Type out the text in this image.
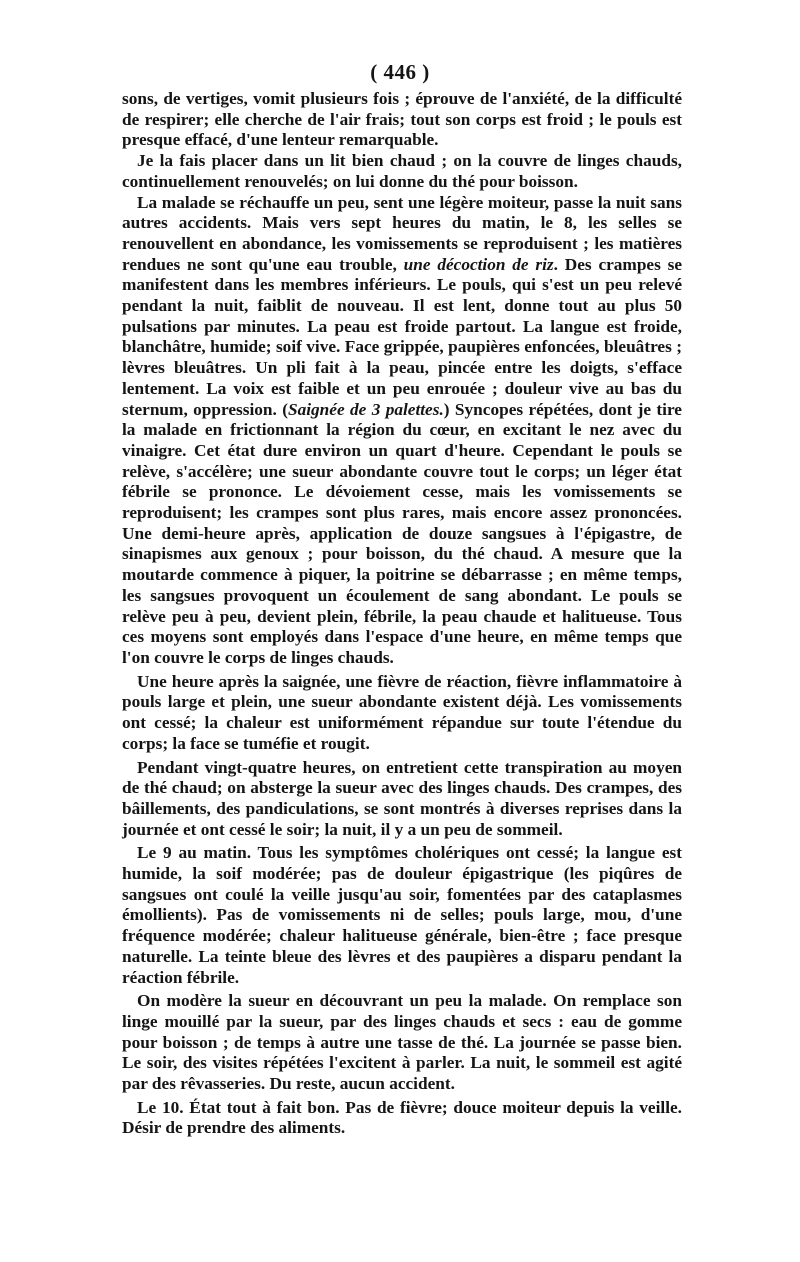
( 446 )

sons, de vertiges, vomit plusieurs fois ; éprouve de l'anxiété, de la difficulté de respirer; elle cherche de l'air frais; tout son corps est froid ; le pouls est presque effacé, d'une lenteur remarquable.

Je la fais placer dans un lit bien chaud ; on la couvre de linges chauds, continuellement renouvelés; on lui donne du thé pour boisson.

La malade se réchauffe un peu, sent une légère moiteur, passe la nuit sans autres accidents. Mais vers sept heures du matin, le 8, les selles se renouvellent en abondance, les vomissements se reproduisent ; les matières rendues ne sont qu'une eau trouble, une décoction de riz. Des crampes se manifestent dans les membres inférieurs. Le pouls, qui s'est un peu relevé pendant la nuit, faiblit de nouveau. Il est lent, donne tout au plus 50 pulsations par minutes. La peau est froide partout. La langue est froide, blanchâtre, humide; soif vive. Face grippée, paupières enfoncées, bleuâtres ; lèvres bleuâtres. Un pli fait à la peau, pincée entre les doigts, s'efface lentement. La voix est faible et un peu enrouée ; douleur vive au bas du sternum, oppression. (Saignée de 3 palettes.) Syncopes répétées, dont je tire la malade en frictionnant la région du cœur, en excitant le nez avec du vinaigre. Cet état dure environ un quart d'heure. Cependant le pouls se relève, s'accélère; une sueur abondante couvre tout le corps; un léger état fébrile se prononce. Le dévoiement cesse, mais les vomissements se reproduisent; les crampes sont plus rares, mais encore assez prononcées. Une demi-heure après, application de douze sangsues à l'épigastre, de sinapismes aux genoux ; pour boisson, du thé chaud. A mesure que la moutarde commence à piquer, la poitrine se débarrasse ; en même temps, les sangsues provoquent un écoulement de sang abondant. Le pouls se relève peu à peu, devient plein, fébrile, la peau chaude et halitueuse. Tous ces moyens sont employés dans l'espace d'une heure, en même temps que l'on couvre le corps de linges chauds.

Une heure après la saignée, une fièvre de réaction, fièvre inflammatoire à pouls large et plein, une sueur abondante existent déjà. Les vomissements ont cessé; la chaleur est uniformément répandue sur toute l'étendue du corps; la face se tuméfie et rougit.

Pendant vingt-quatre heures, on entretient cette transpiration au moyen de thé chaud; on absterge la sueur avec des linges chauds. Des crampes, des bâillements, des pandiculations, se sont montrés à diverses reprises dans la journée et ont cessé le soir; la nuit, il y a un peu de sommeil.

Le 9 au matin. Tous les symptômes cholériques ont cessé; la langue est humide, la soif modérée; pas de douleur épigastrique (les piqûres de sangsues ont coulé la veille jusqu'au soir, fomentées par des cataplasmes émollients). Pas de vomissements ni de selles; pouls large, mou, d'une fréquence modérée; chaleur halitueuse générale, bien-être ; face presque naturelle. La teinte bleue des lèvres et des paupières a disparu pendant la réaction fébrile.

On modère la sueur en découvrant un peu la malade. On remplace son linge mouillé par la sueur, par des linges chauds et secs : eau de gomme pour boisson ; de temps à autre une tasse de thé. La journée se passe bien. Le soir, des visites répétées l'excitent à parler. La nuit, le sommeil est agité par des rêvasseries. Du reste, aucun accident.

Le 10. État tout à fait bon. Pas de fièvre; douce moiteur depuis la veille. Désir de prendre des aliments.
